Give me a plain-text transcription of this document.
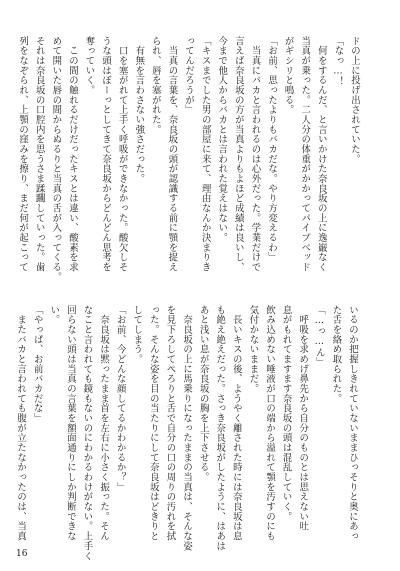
ドの上に投げ出されていた。
「なっ…！
　何をするんだ、と言いかけた奈良坂の上に逸巌なく
当真が乗った。二人分の体重がかかってパイプベッド
がギシリと鳴る。
「お前、思ったよりもバカだな。やり方変えるわ」
　当真にバカと言われるのは心外だった。学業だけで
言えば奈良坂の方が当真よりもよほど成績は良いし、
今まで他人からバカとは言われた覚えはない。
「キスまでした男の部屋に来て、理由なんか決まりき
ってんだろうが」
　当真の言葉を、奈良坂の頭が認識する前に顎を捉え
られ、唇を塞がれた。
　有無を言わさない強さだった。
　口を塞がれて上手く呼吸ができなかった。酸欠しそ
うな頭はぼーっとしてきて奈良坂からどんどん思考を
奪っていく。
　この間の触れるだけだったキスとは違い、酸素を求
めて開いた唇の間からぬるりと当真の舌が入ってくる。
それは奈良坂の口腔内を思うさま蹂躙していった。歯
列をなぞられ、上顎の窪みを擦り、まだ何が起こって
いるのか把握しきれていないままひっそりと奥にあっ
た舌を絡め取られた。
「…っ…ん」
　呼吸を求めげ鼻先から自分のものとは思えない吐
息がもれてますます奈良坂の頭は混乱していく。
飲み込めない唾液が口の端から溢れて顎を汚すのにも
気付かないままだ。
　長いキスの後、ようやく離された時には奈良坂は息
も絶え絶えだった。さっき奈良坂がしたように、はあは
あと浅い息が奈良坂の胸を上下させる。
　奈良坂の上に馬乗りになったままの当真は、そんな姿
を見下ろしてぺろりと舌で自分の口の周りの汚れを拭
った。そんな姿を目の当たりにして奈良坂はどきりと
してしまう。
「お前、今どんな顔してるかわかるか？」
　奈良坂は黙ったまま首を左右に小さく振った。そん
なこと言われても鏡もないのにわかるわけがない。上手く
回らない頭は当真の言葉を額面通りにしか判断できな
い。
「やっぱ、お前バカだな」
　またバカと言われても腹が立たなかったのは、当真
16
